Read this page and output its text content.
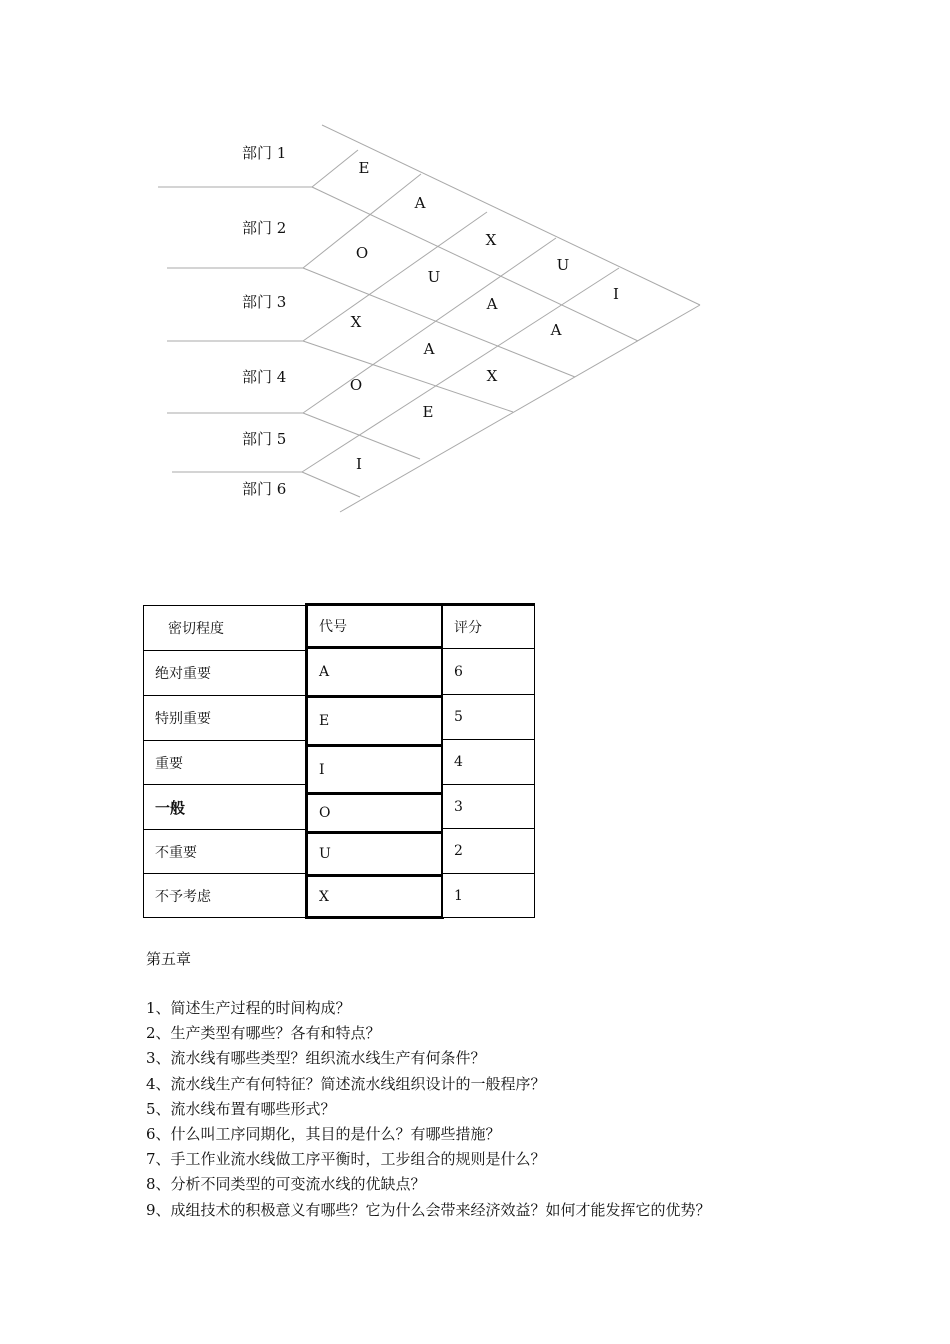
部门 1
部门 2
部门 3
部门 4
部门 5
部门 6
E
A
X
U
I
O
U
A
A
X
A
X
O
E
I
密切程度	代号	评分
绝对重要
特别重要
重要
一般
不重要
不予考虑
A
E
I
O
U
X
6
5
4
3
2
1
第五章
1、简述生产过程的时间构成？
2、生产类型有哪些？各有和特点？
3、流水线有哪些类型？组织流水线生产有何条件？
4、流水线生产有何特征？简述流水线组织设计的一般程序？
5、流水线布置有哪些形式？
6、什么叫工序同期化，其目的是什么？有哪些措施？
7、手工作业流水线做工序平衡时，工步组合的规则是什么？
8、分析不同类型的可变流水线的优缺点？
9、成组技术的积极意义有哪些？它为什么会带来经济效益？如何才能发挥它的优势？
